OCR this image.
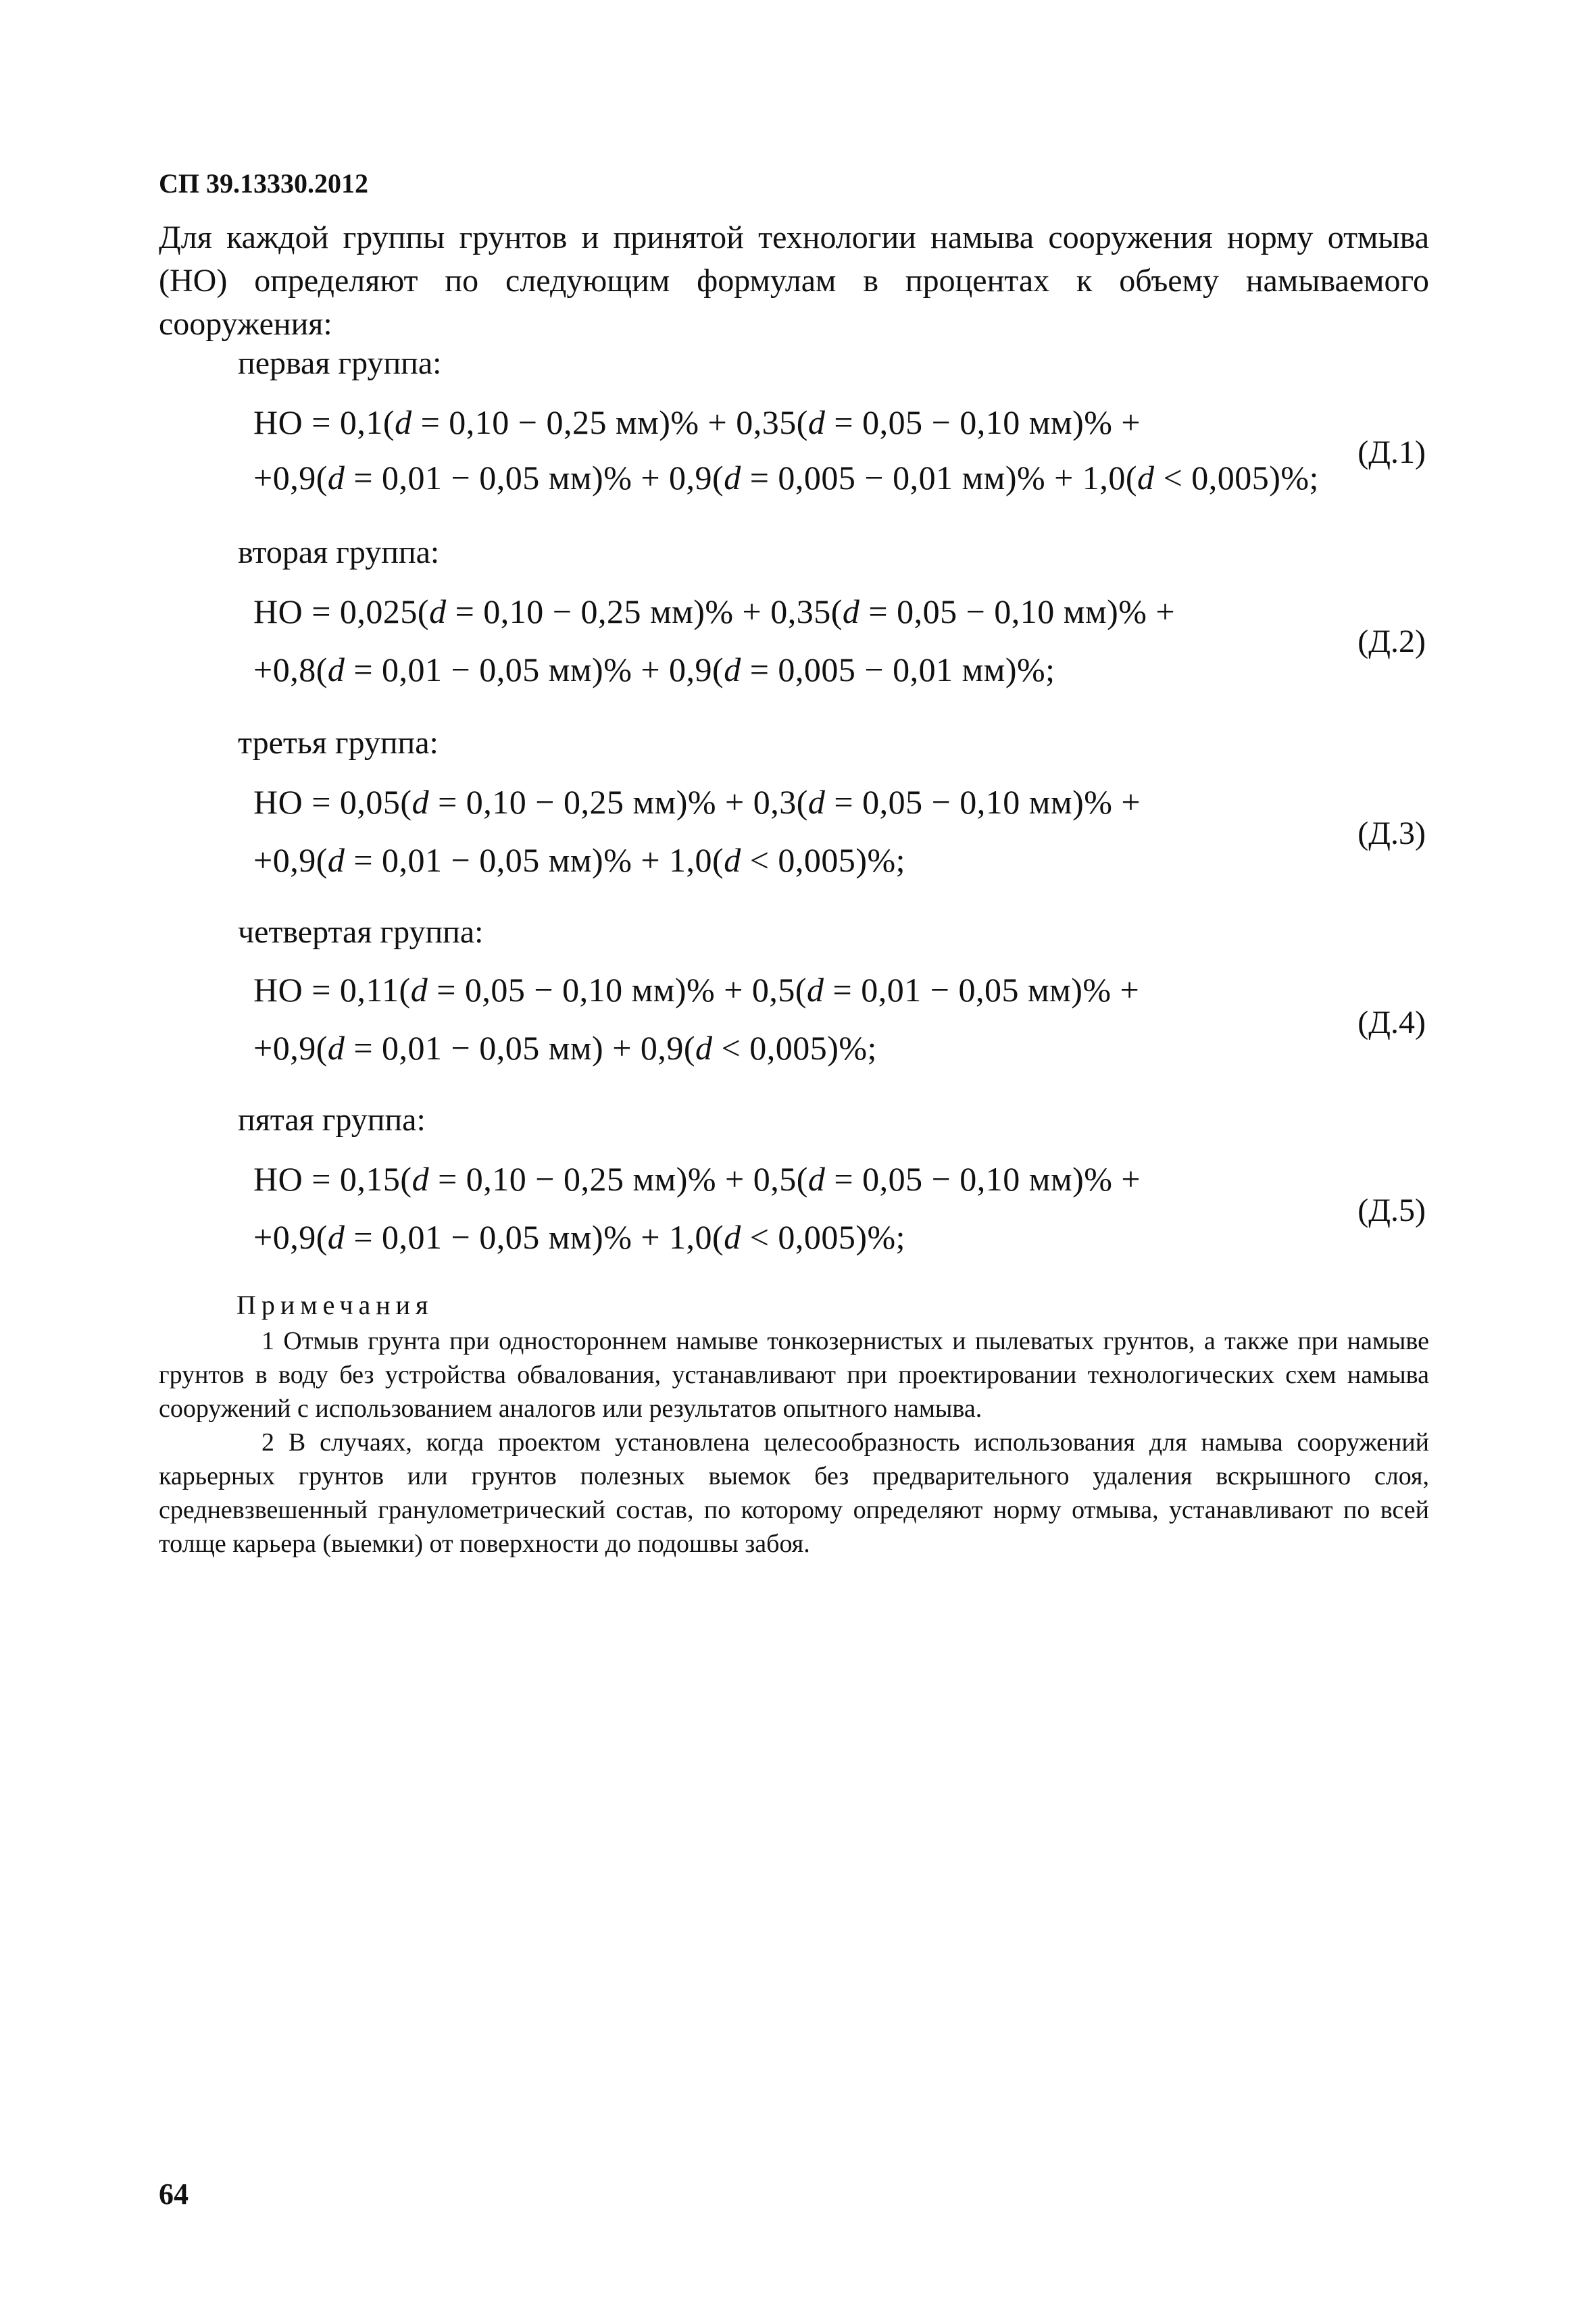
СП 39.13330.2012

Для каждой группы грунтов и принятой технологии намыва сооружения норму отмыва (НО) определяют по следующим формулам в процентах к объему намываемого сооружения:

первая группа:
НО = 0,1(d = 0,10 − 0,25 мм)% + 0,35(d = 0,05 − 0,10 мм)% +
+0,9(d = 0,01 − 0,05 мм)% + 0,9(d = 0,005 − 0,01 мм)% + 1,0(d < 0,005)%;
(Д.1)
вторая группа:
НО = 0,025(d = 0,10 − 0,25 мм)% + 0,35(d = 0,05 − 0,10 мм)% +
+0,8(d = 0,01 − 0,05 мм)% + 0,9(d = 0,005 − 0,01 мм)%;
(Д.2)
третья группа:
НО = 0,05(d = 0,10 − 0,25 мм)% + 0,3(d = 0,05 − 0,10 мм)% +
+0,9(d = 0,01 − 0,05 мм)% + 1,0(d < 0,005)%;
(Д.3)
четвертая группа:
НО = 0,11(d = 0,05 − 0,10 мм)% + 0,5(d = 0,01 − 0,05 мм)% +
+0,9(d = 0,01 − 0,05 мм) + 0,9(d < 0,005)%;
(Д.4)
пятая группа:
НО = 0,15(d = 0,10 − 0,25 мм)% + 0,5(d = 0,05 − 0,10 мм)% +
+0,9(d = 0,01 − 0,05 мм)% + 1,0(d < 0,005)%;
(Д.5)
Примечания

1 Отмыв грунта при одностороннем намыве тонкозернистых и пылеватых грунтов, а также при намыве грунтов в воду без устройства обвалования, устанавливают при проектировании технологических схем намыва сооружений с использованием аналогов или результатов опытного намыва.

2 В случаях, когда проектом установлена целесообразность использования для намыва сооружений карьерных грунтов или грунтов полезных выемок без предварительного удаления вскрышного слоя, средневзвешенный гранулометрический состав, по которому определяют норму отмыва, устанавливают по всей толще карьера (выемки) от поверхности до подошвы забоя.

64
